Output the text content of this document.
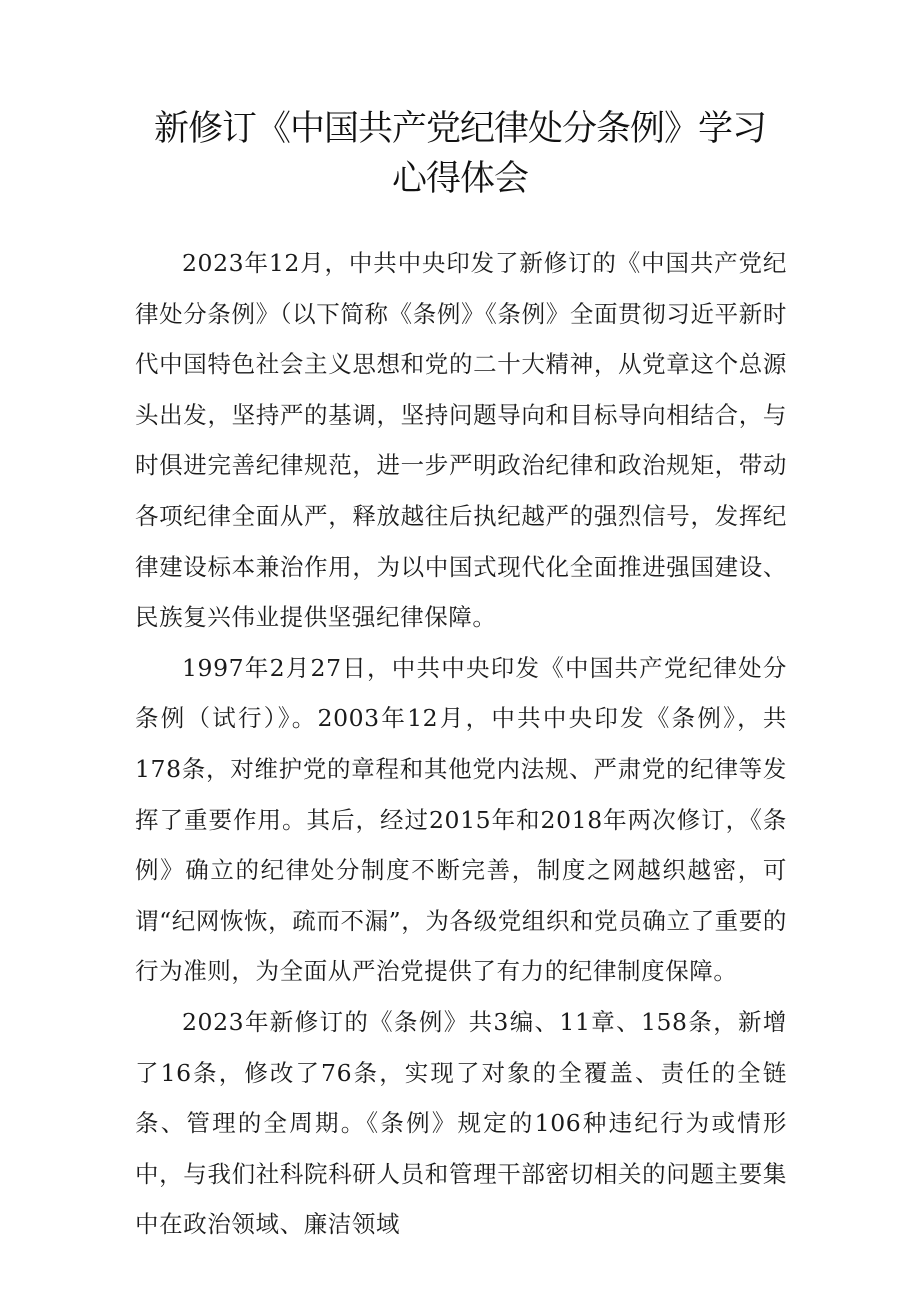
新修订《中国共产党纪律处分条例》学习
心得体会

2023年12月，中共中央印发了新修订的《中国共产党纪律处分条例》（以下简称《条例》《条例》全面贯彻习近平新时代中国特色社会主义思想和党的二十大精神，从党章这个总源头出发，坚持严的基调，坚持问题导向和目标导向相结合，与时俱进完善纪律规范，进一步严明政治纪律和政治规矩，带动各项纪律全面从严，释放越往后执纪越严的强烈信号，发挥纪律建设标本兼治作用，为以中国式现代化全面推进强国建设、民族复兴伟业提供坚强纪律保障。

1997年2月27日，中共中央印发《中国共产党纪律处分条例（试行）》。2003年12月，中共中央印发《条例》，共178条，对维护党的章程和其他党内法规、严肃党的纪律等发挥了重要作用。其后，经过2015年和2018年两次修订，《条例》确立的纪律处分制度不断完善，制度之网越织越密，可谓“纪网恢恢，疏而不漏”，为各级党组织和党员确立了重要的行为准则，为全面从严治党提供了有力的纪律制度保障。

2023年新修订的《条例》共3编、11章、158条，新增了16条，修改了76条，实现了对象的全覆盖、责任的全链条、管理的全周期。《条例》规定的106种违纪行为或情形中，与我们社科院科研人员和管理干部密切相关的问题主要集中在政治领域、廉洁领域
